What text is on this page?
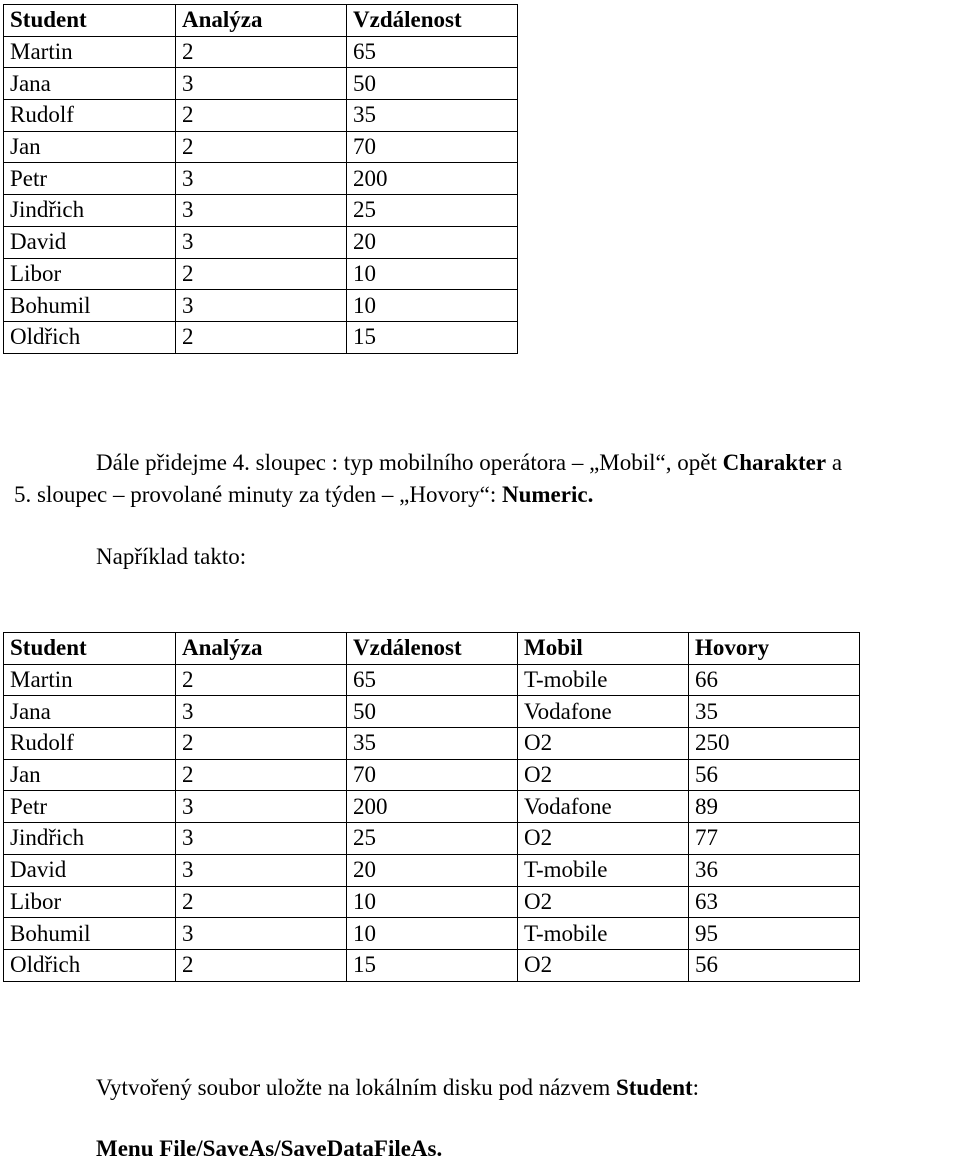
Student	Analýza	Vzdálenost
Martin	2	65
Jana	3	50
Rudolf	2	35
Jan	2	70
Petr	3	200
Jindřich	3	25
David	3	20
Libor	2	10
Bohumil	3	10
Oldřich	2	15

Dále přidejme 4. sloupec : typ mobilního operátora – „Mobil“, opět Charakter a

5. sloupec – provolané minuty za týden – „Hovory“: Numeric.

Například takto:

Student	Analýza	Vzdálenost	Mobil	Hovory
Martin	2	65	T-mobile	66
Jana	3	50	Vodafone	35
Rudolf	2	35	O2	250
Jan	2	70	O2	56
Petr	3	200	Vodafone	89
Jindřich	3	25	O2	77
David	3	20	T-mobile	36
Libor	2	10	O2	63
Bohumil	3	10	T-mobile	95
Oldřich	2	15	O2	56

Vytvořený soubor uložte na lokálním disku pod názvem Student:

Menu File/SaveAs/SaveDataFileAs.
